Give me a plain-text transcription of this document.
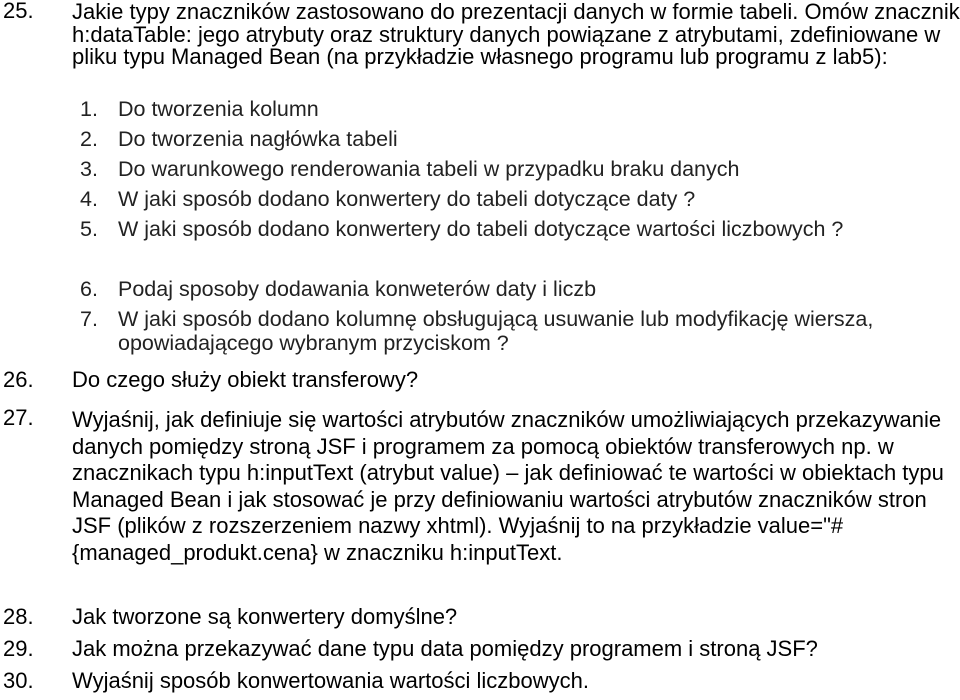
25. Jakie typy znaczników zastosowano do prezentacji danych w formie tabeli. Omów znacznik h:dataTable: jego atrybuty oraz struktury danych powiązane z atrybutami, zdefiniowane w pliku typu Managed Bean (na przykładzie własnego programu lub programu z lab5):
1. Do tworzenia kolumn
2. Do tworzenia nagłówka tabeli
3. Do warunkowego renderowania tabeli w przypadku braku danych
4. W jaki sposób dodano konwertery do tabeli dotyczące daty ?
5. W jaki sposób dodano konwertery do tabeli dotyczące wartości liczbowych ?
6. Podaj sposoby dodawania konweterów daty i liczb
7. W jaki sposób dodano kolumnę obsługującą usuwanie lub modyfikację wiersza, opowiadającego wybranym przyciskom ?
26. Do czego służy obiekt transferowy?
27. Wyjaśnij, jak definiuje się wartości atrybutów znaczników umożliwiających przekazywanie danych pomiędzy stroną JSF i programem za pomocą obiektów transferowych np. w znacznikach typu h:inputText (atrybut value) – jak definiować te wartości w obiektach typu Managed Bean i jak stosować je przy definiowaniu wartości atrybutów znaczników stron JSF (plików z rozszerzeniem nazwy xhtml). Wyjaśnij to na przykładzie value="#{managed_produkt.cena} w znaczniku h:inputText.
28. Jak tworzone są konwertery domyślne?
29. Jak można przekazywać dane typu data pomiędzy programem i stroną JSF?
30. Wyjaśnij sposób konwertowania wartości liczbowych.
